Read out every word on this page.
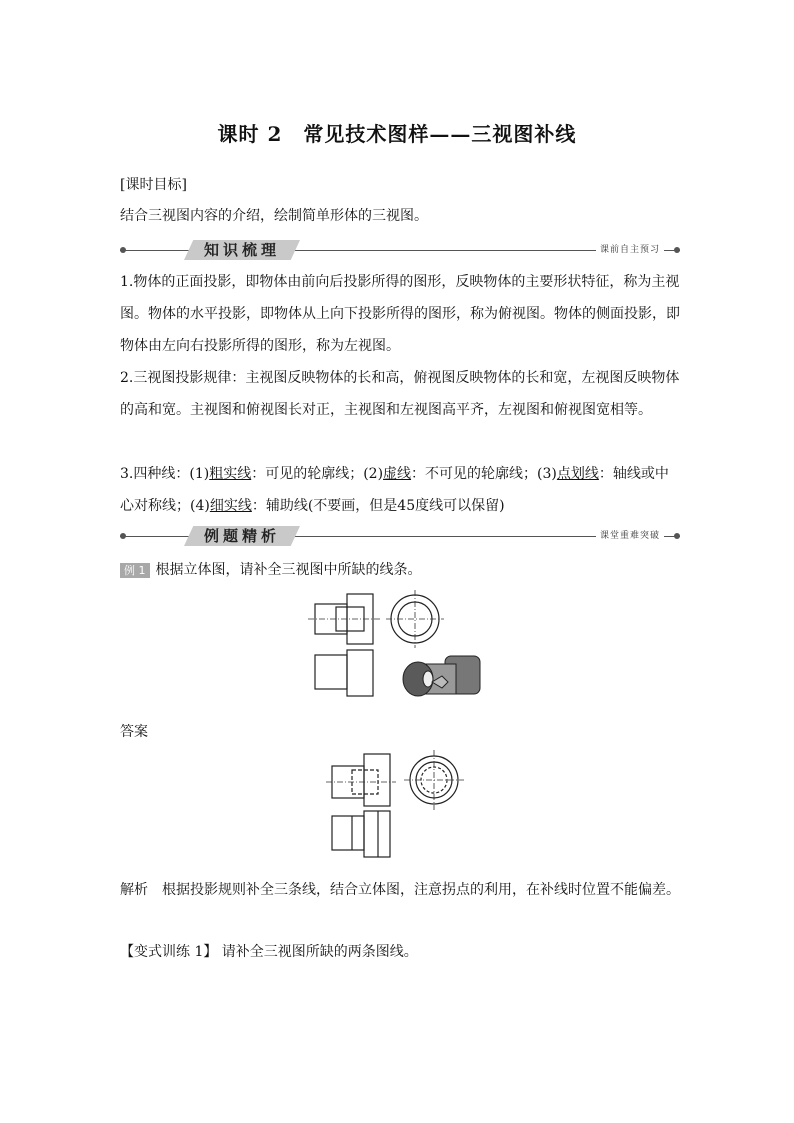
课时 2　常见技术图样——三视图补线
[课时目标]
结合三视图内容的介绍，绘制简单形体的三视图。
知识梳理	课前自主预习
1.物体的正面投影，即物体由前向后投影所得的图形，反映物体的主要形状特征，称为主视图。物体的水平投影，即物体从上向下投影所得的图形，称为俯视图。物体的侧面投影，即物体由左向右投影所得的图形，称为左视图。
2.三视图投影规律：主视图反映物体的长和高，俯视图反映物体的长和宽，左视图反映物体的高和宽。主视图和俯视图长对正，主视图和左视图高平齐，左视图和俯视图宽相等。
3.四种线：(1)粗实线：可见的轮廓线；(2)虚线：不可见的轮廓线；(3)点划线：轴线或中心对称线；(4)细实线：辅助线(不要画，但是45度线可以保留)
例题精析	课堂重难突破
例 1 根据立体图，请补全三视图中所缺的线条。
答案
解析　根据投影规则补全三条线，结合立体图，注意拐点的利用，在补线时位置不能偏差。
【变式训练 1】 请补全三视图所缺的两条图线。
